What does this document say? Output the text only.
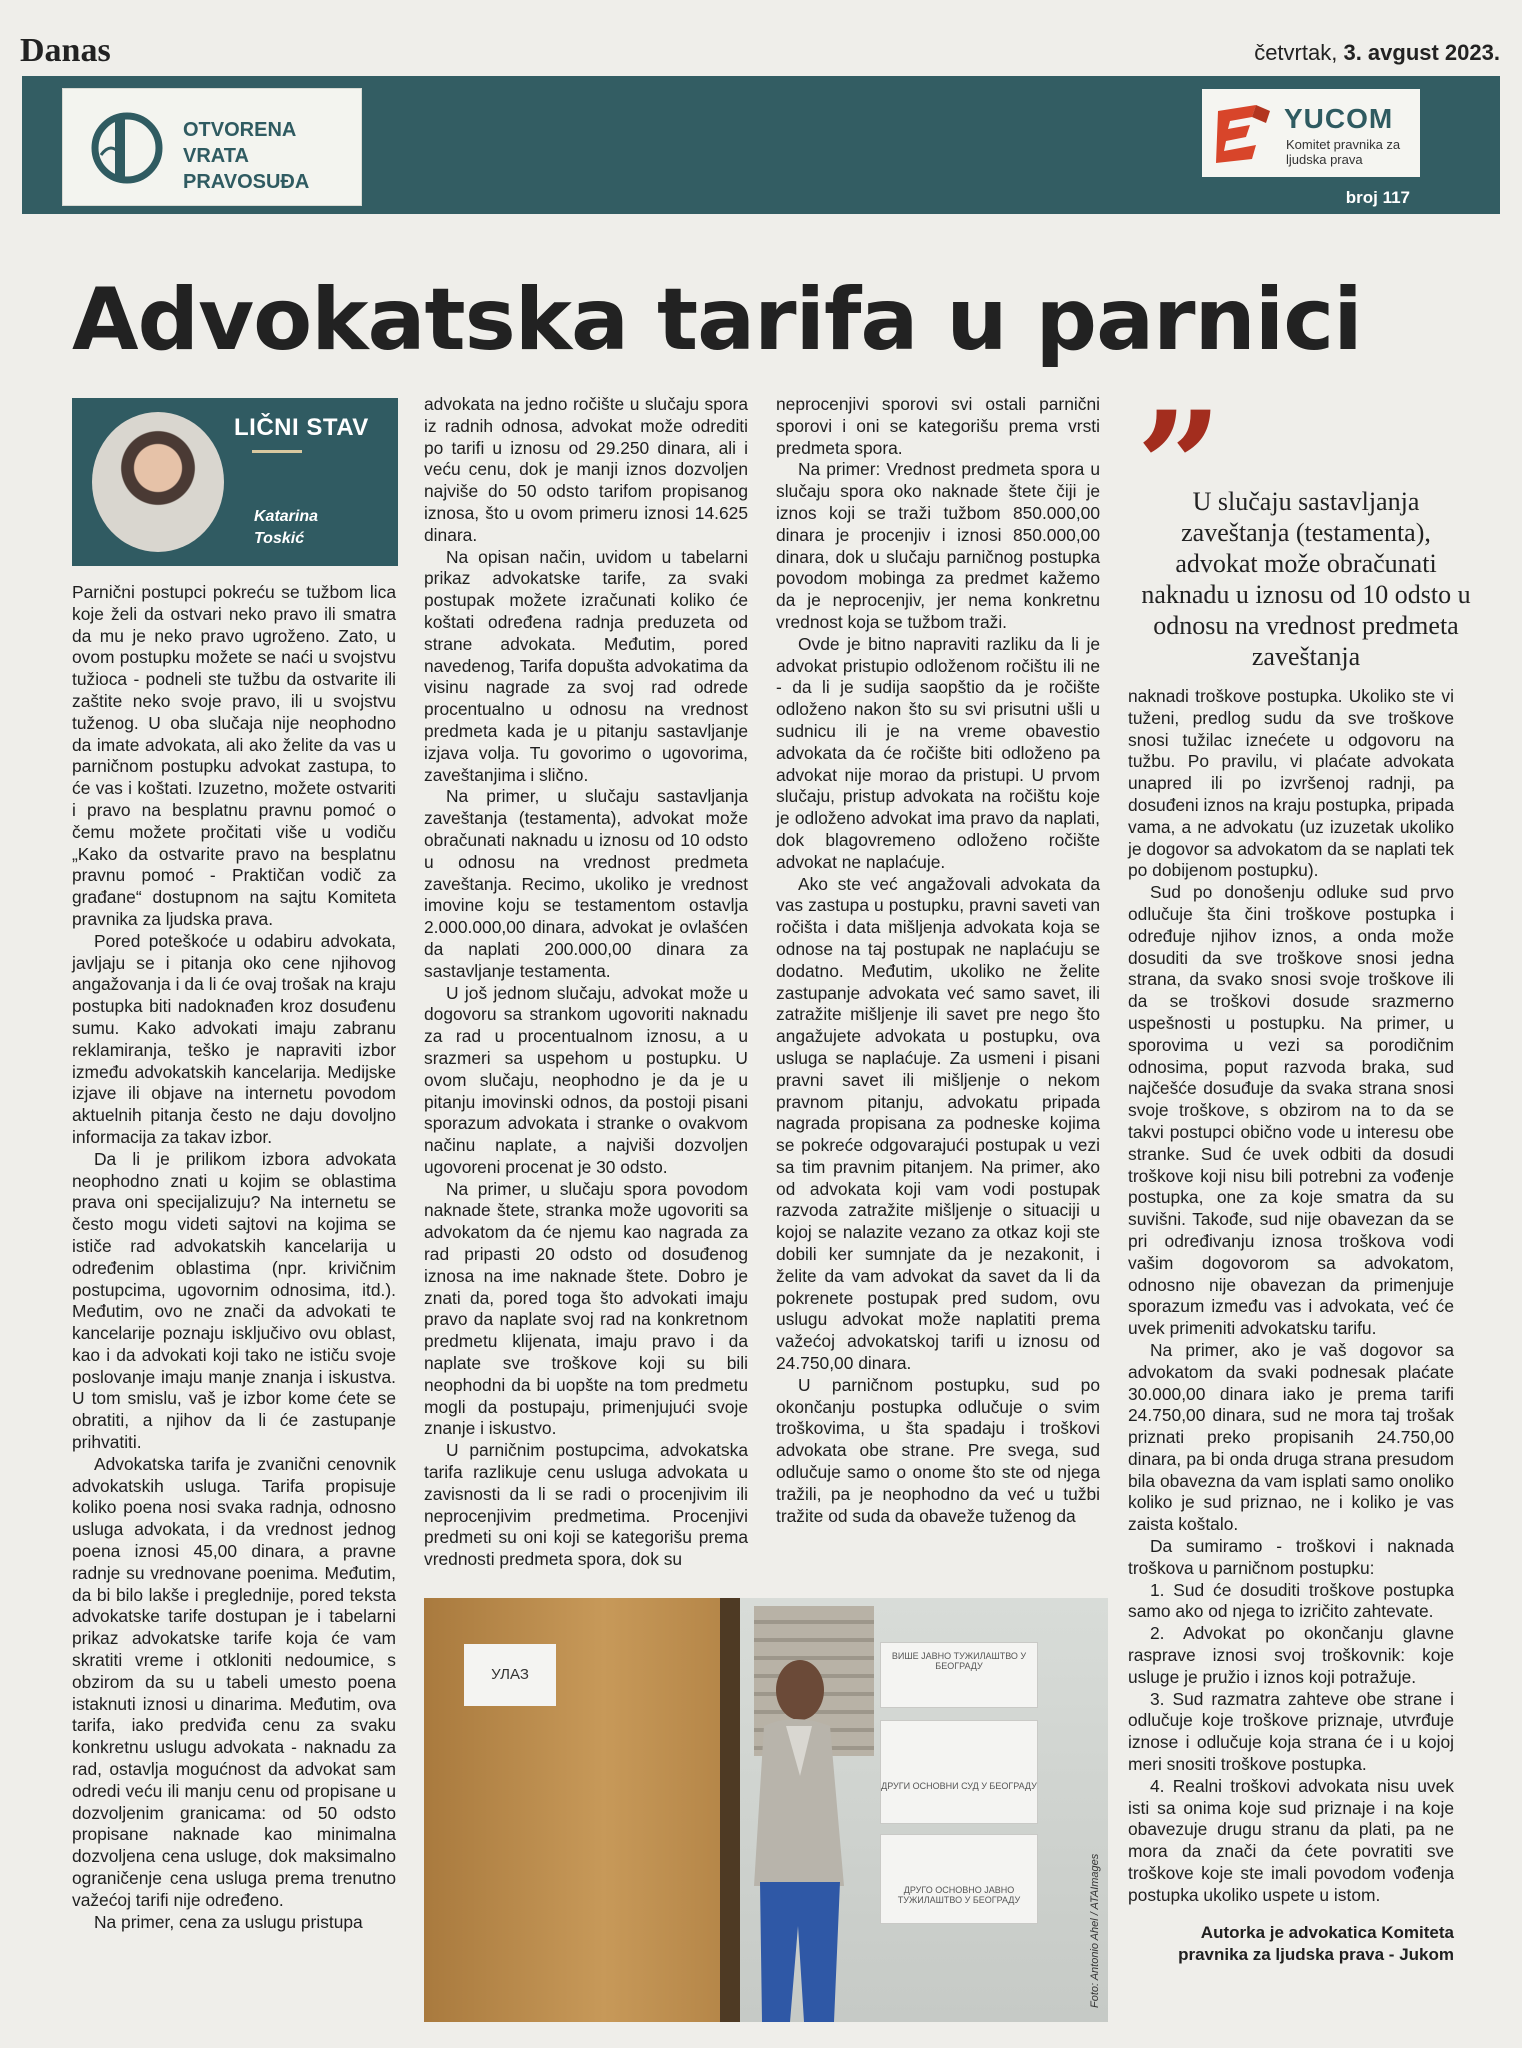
Danas	četvrtak, 3. avgust 2023.
OTVORENA
VRATA
PRAVOSUĐA
YUCOM
Komitet pravnika za ljudska prava
broj 117
Advokatska tarifa u parnici
LIČNI STAV
Katarina
Toskić

Parnični postupci pokreću se tužbom lica koje želi da ostvari neko pravo ili smatra da mu je neko pravo ugroženo. Zato, u ovom postupku možete se naći u svojstvu tužioca - podneli ste tužbu da ostvarite ili zaštite neko svoje pravo, ili u svojstvu tuženog. U oba slučaja nije neophodno da imate advokata, ali ako želite da vas u parničnom postupku advokat zastupa, to će vas i koštati. Izuzetno, možete ostvariti i pravo na besplatnu pravnu pomoć o čemu možete pročitati više u vodiču „Kako da ostvarite pravo na besplatnu pravnu pomoć - Praktičan vodič za građane“ dostupnom na sajtu Komiteta pravnika za ljudska prava.

Pored poteškoće u odabiru advokata, javljaju se i pitanja oko cene njihovog angažovanja i da li će ovaj trošak na kraju postupka biti nadoknađen kroz dosuđenu sumu. Kako advokati imaju zabranu reklamiranja, teško je napraviti izbor između advokatskih kancelarija. Medijske izjave ili objave na internetu povodom aktuelnih pitanja često ne daju dovoljno informacija za takav izbor.

Da li je prilikom izbora advokata neophodno znati u kojim se oblastima prava oni specijalizuju? Na internetu se često mogu videti sajtovi na kojima se ističe rad advokatskih kancelarija u određenim oblastima (npr. krivičnim postupcima, ugovornim odnosima, itd.). Međutim, ovo ne znači da advokati te kancelarije poznaju isključivo ovu oblast, kao i da advokati koji tako ne ističu svoje poslovanje imaju manje znanja i iskustva. U tom smislu, vaš je izbor kome ćete se obratiti, a njihov da li će zastupanje prihvatiti.

Advokatska tarifa je zvanični cenovnik advokatskih usluga. Tarifa propisuje koliko poena nosi svaka radnja, odnosno usluga advokata, i da vrednost jednog poena iznosi 45,00 dinara, a pravne radnje su vrednovane poenima. Međutim, da bi bilo lakše i preglednije, pored teksta advokatske tarife dostupan je i tabelarni prikaz advokatske tarife koja će vam skratiti vreme i otkloniti nedoumice, s obzirom da su u tabeli umesto poena istaknuti iznosi u dinarima. Međutim, ova tarifa, iako predviđa cenu za svaku konkretnu uslugu advokata - naknadu za rad, ostavlja mogućnost da advokat sam odredi veću ili manju cenu od propisane u dozvoljenim granicama: od 50 odsto propisane naknade kao minimalna dozvoljena cena usluge, dok maksimalno ograničenje cena usluga prema trenutno važećoj tarifi nije određeno.

Na primer, cena za uslugu pristupa

advokata na jedno ročište u slučaju spora iz radnih odnosa, advokat može odrediti po tarifi u iznosu od 29.250 dinara, ali i veću cenu, dok je manji iznos dozvoljen najviše do 50 odsto tarifom propisanog iznosa, što u ovom primeru iznosi 14.625 dinara.

Na opisan način, uvidom u tabelarni prikaz advokatske tarife, za svaki postupak možete izračunati koliko će koštati određena radnja preduzeta od strane advokata. Međutim, pored navedenog, Tarifa dopušta advokatima da visinu nagrade za svoj rad odrede procentualno u odnosu na vrednost predmeta kada je u pitanju sastavljanje izjava volja. Tu govorimo o ugovorima, zaveštanjima i slično.

Na primer, u slučaju sastavljanja zaveštanja (testamenta), advokat može obračunati naknadu u iznosu od 10 odsto u odnosu na vrednost predmeta zaveštanja. Recimo, ukoliko je vrednost imovine koju se testamentom ostavlja 2.000.000,00 dinara, advokat je ovlašćen da naplati 200.000,00 dinara za sastavljanje testamenta.

U još jednom slučaju, advokat može u dogovoru sa strankom ugovoriti naknadu za rad u procentualnom iznosu, a u srazmeri sa uspehom u postupku. U ovom slučaju, neophodno je da je u pitanju imovinski odnos, da postoji pisani sporazum advokata i stranke o ovakvom načinu naplate, a najviši dozvoljen ugovoreni procenat je 30 odsto.

Na primer, u slučaju spora povodom naknade štete, stranka može ugovoriti sa advokatom da će njemu kao nagrada za rad pripasti 20 odsto od dosuđenog iznosa na ime naknade štete. Dobro je znati da, pored toga što advokati imaju pravo da naplate svoj rad na konkretnom predmetu klijenata, imaju pravo i da naplate sve troškove koji su bili neophodni da bi uopšte na tom predmetu mogli da postupaju, primenjujući svoje znanje i iskustvo.

U parničnim postupcima, advokatska tarifa razlikuje cenu usluga advokata u zavisnosti da li se radi o procenjivim ili neprocenjivim predmetima. Procenjivi predmeti su oni koji se kategorišu prema vrednosti predmeta spora, dok su

neprocenjivi sporovi svi ostali parnični sporovi i oni se kategorišu prema vrsti predmeta spora.

Na primer: Vrednost predmeta spora u slučaju spora oko naknade štete čiji je iznos koji se traži tužbom 850.000,00 dinara je procenjiv i iznosi 850.000,00 dinara, dok u slučaju parničnog postupka povodom mobinga za predmet kažemo da je neprocenjiv, jer nema konkretnu vrednost koja se tužbom traži.

Ovde je bitno napraviti razliku da li je advokat pristupio odloženom ročištu ili ne - da li je sudija saopštio da je ročište odloženo nakon što su svi prisutni ušli u sudnicu ili je na vreme obavestio advokata da će ročište biti odloženo pa advokat nije morao da pristupi. U prvom slučaju, pristup advokata na ročištu koje je odloženo advokat ima pravo da naplati, dok blagovremeno odloženo ročište advokat ne naplaćuje.

Ako ste već angažovali advokata da vas zastupa u postupku, pravni saveti van ročišta i data mišljenja advokata koja se odnose na taj postupak ne naplaćuju se dodatno. Međutim, ukoliko ne želite zastupanje advokata već samo savet, ili zatražite mišljenje ili savet pre nego što angažujete advokata u postupku, ova usluga se naplaćuje. Za usmeni i pisani pravni savet ili mišljenje o nekom pravnom pitanju, advokatu pripada nagrada propisana za podneske kojima se pokreće odgovarajući postupak u vezi sa tim pravnim pitanjem. Na primer, ako od advokata koji vam vodi postupak razvoda zatražite mišljenje o situaciji u kojoj se nalazite vezano za otkaz koji ste dobili ker sumnjate da je nezakonit, i želite da vam advokat da savet da li da pokrenete postupak pred sudom, ovu uslugu advokat može naplatiti prema važećoj advokatskoj tarifi u iznosu od 24.750,00 dinara.

U parničnom postupku, sud po okončanju postupka odlučuje o svim troškovima, u šta spadaju i troškovi advokata obe strane. Pre svega, sud odlučuje samo o onome što ste od njega tražili, pa je neophodno da već u tužbi tražite od suda da obaveže tuženog da

”
U slučaju sastavljanja zaveštanja (testamenta), advokat može obračunati naknadu u iznosu od 10 odsto u odnosu na vrednost predmeta zaveštanja

naknadi troškove postupka. Ukoliko ste vi tuženi, predlog sudu da sve troškove snosi tužilac iznećete u odgovoru na tužbu. Po pravilu, vi plaćate advokata unapred ili po izvršenoj radnji, pa dosuđeni iznos na kraju postupka, pripada vama, a ne advokatu (uz izuzetak ukoliko je dogovor sa advokatom da se naplati tek po dobijenom postupku).

Sud po donošenju odluke sud prvo odlučuje šta čini troškove postupka i određuje njihov iznos, a onda može dosuditi da sve troškove snosi jedna strana, da svako snosi svoje troškove ili da se troškovi dosude srazmerno uspešnosti u postupku. Na primer, u sporovima u vezi sa porodičnim odnosima, poput razvoda braka, sud najčešće dosuđuje da svaka strana snosi svoje troškove, s obzirom na to da se takvi postupci obično vode u interesu obe stranke. Sud će uvek odbiti da dosudi troškove koji nisu bili potrebni za vođenje postupka, one za koje smatra da su suvišni. Takođe, sud nije obavezan da se pri određivanju iznosa troškova vodi vašim dogovorom sa advokatom, odnosno nije obavezan da primenjuje sporazum između vas i advokata, već će uvek primeniti advokatsku tarifu.

Na primer, ako je vaš dogovor sa advokatom da svaki podnesak plaćate 30.000,00 dinara iako je prema tarifi 24.750,00 dinara, sud ne mora taj trošak priznati preko propisanih 24.750,00 dinara, pa bi onda druga strana presudom bila obavezna da vam isplati samo onoliko koliko je sud priznao, ne i koliko je vas zaista koštalo.

Da sumiramo - troškovi i naknada troškova u parničnom postupku:

1. Sud će dosuditi troškove postupka samo ako od njega to izričito zahtevate.

2. Advokat po okončanju glavne rasprave iznosi svoj troškovnik: koje usluge je pružio i iznos koji potražuje.

3. Sud razmatra zahteve obe strane i odlučuje koje troškove priznaje, utvrđuje iznose i odlučuje koja strana će i u kojoj meri snositi troškove postupka.

4. Realni troškovi advokata nisu uvek isti sa onima koje sud priznaje i na koje obavezuje drugu stranu da plati, pa ne mora da znači da ćete povratiti sve troškove koje ste imali povodom vođenja postupka ukoliko uspete u istom.

УЛАЗ
ВИШЕ ЈАВНО ТУЖИЛАШТВО У БЕОГРАДУ
ДРУГИ ОСНОВНИ СУД У БЕОГРАДУ
ДРУГО ОСНОВНО ЈАВНО ТУЖИЛАШТВО У БЕОГРАДУ	Foto: Antonio Ahel / ATAImages	Autorka je advokatica Komiteta pravnika za ljudska prava - Jukom
